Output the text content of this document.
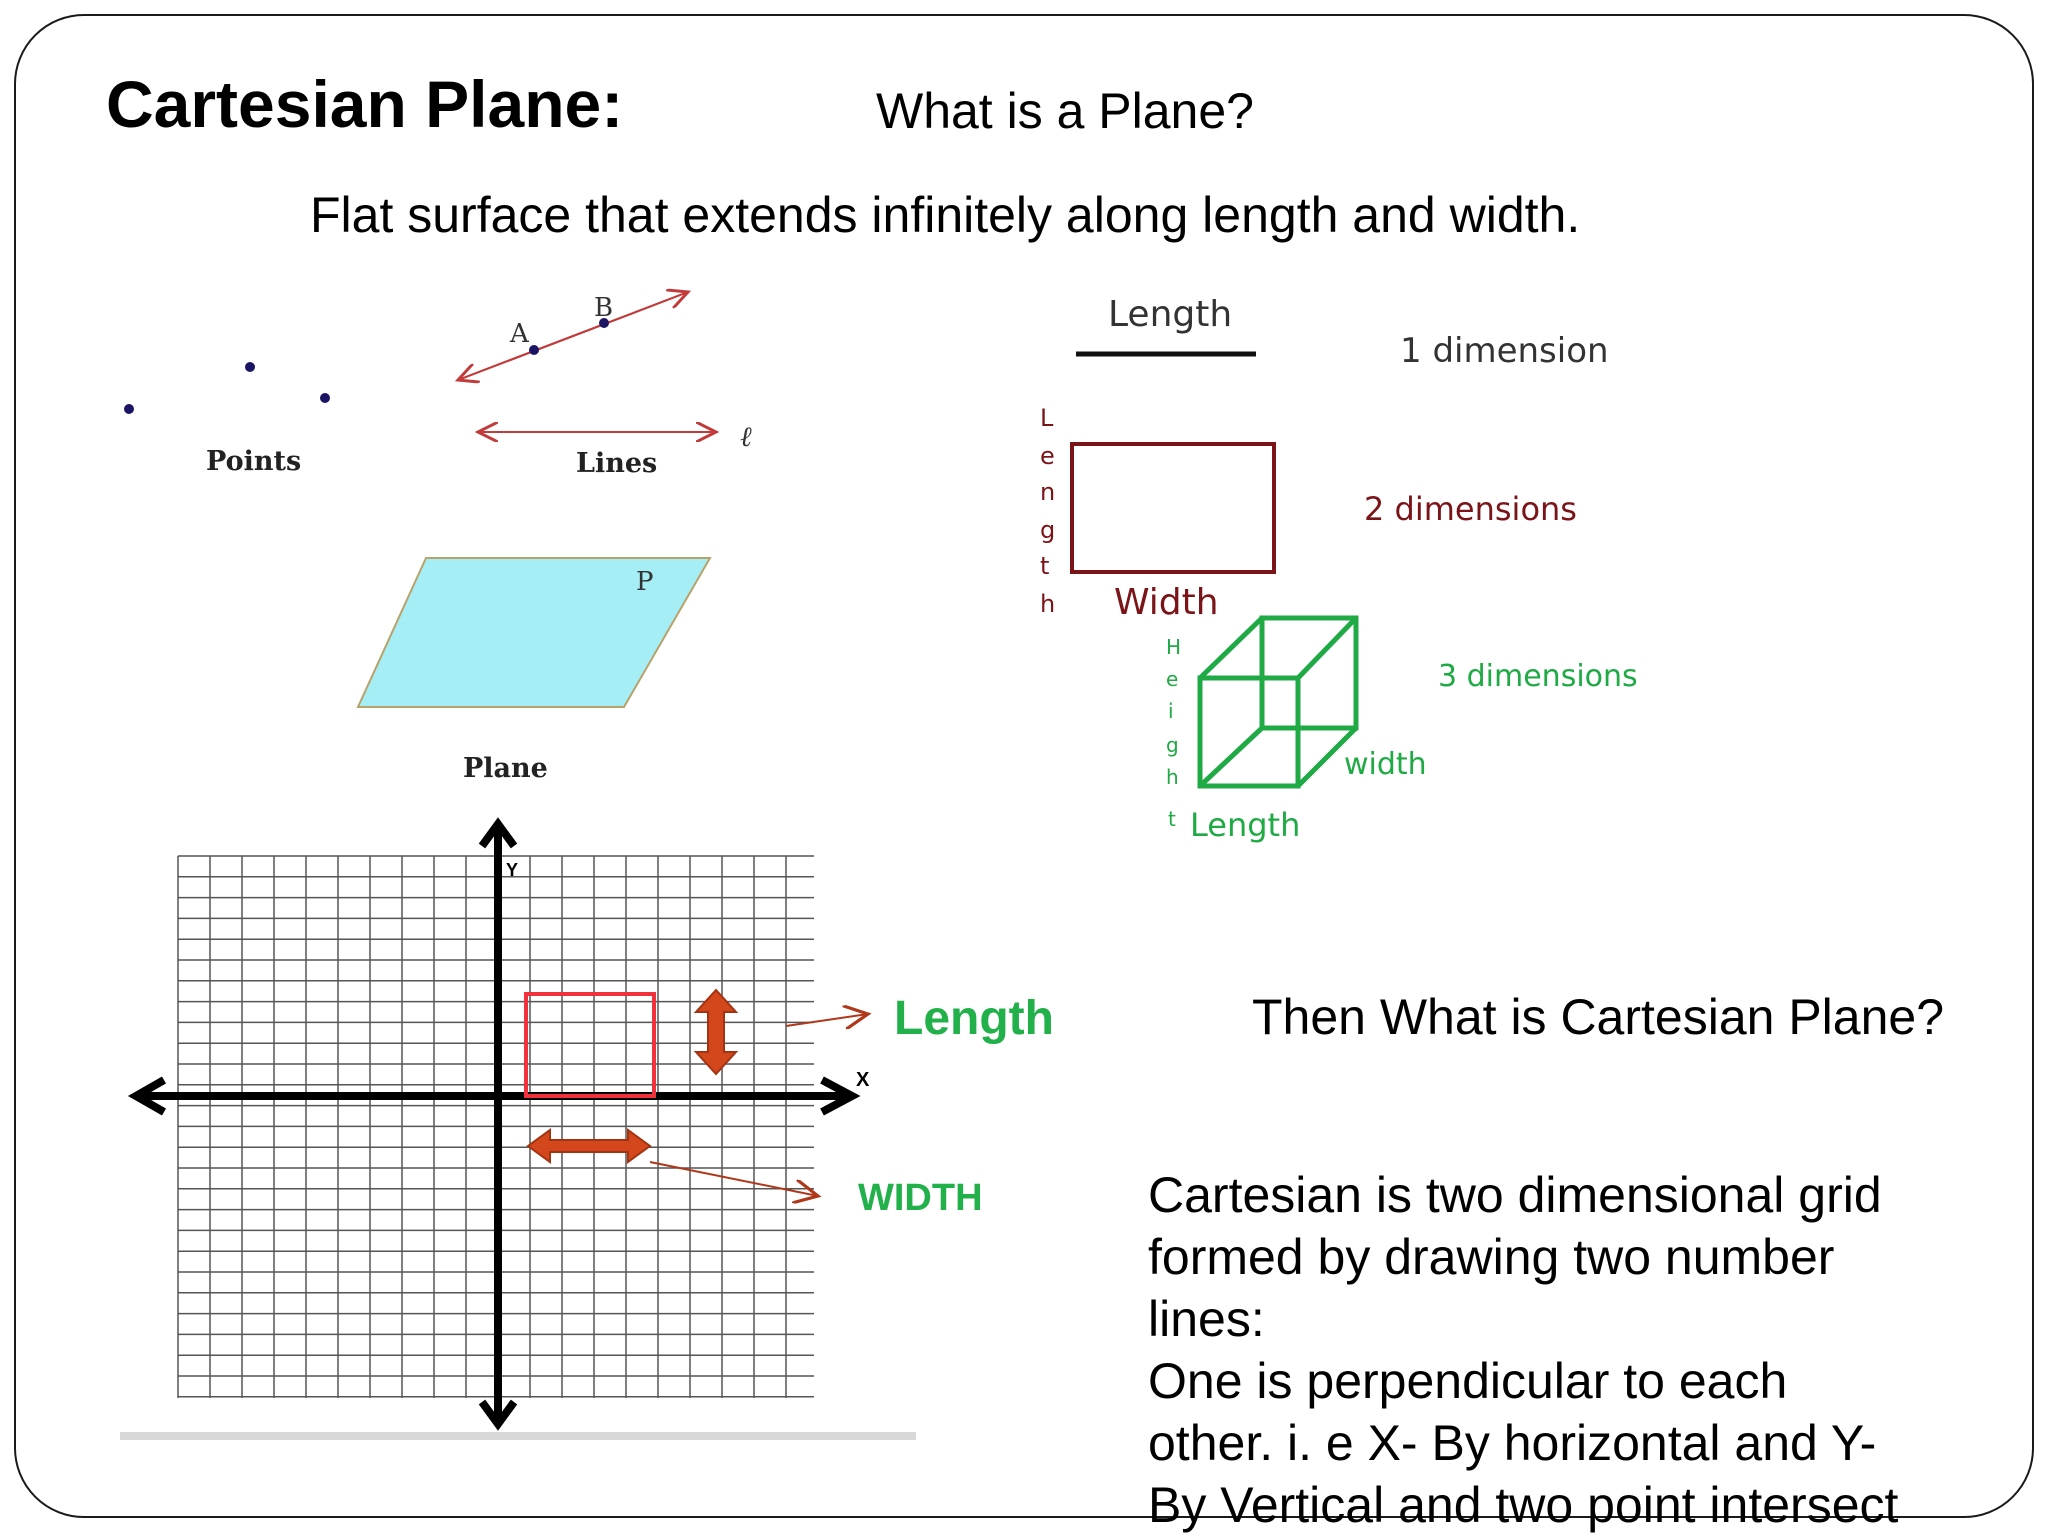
Cartesian Plane:	What is a Plane?
Flat surface that extends infinitely along length and width.
Then What is Cartesian Plane?
Cartesian is two dimensional grid
formed by drawing two number
lines:
One is perpendicular to each
other. i. e X- By horizontal and Y-
By Vertical and two point intersect
Points
A
B
ℓ
Lines
P
Plane
Length
1 dimension
L
e
n
g
t
h Width
2 dimensions
H
e
i
g
h
t
width
Length
3 dimensions
Y
X
Length
WIDTH
